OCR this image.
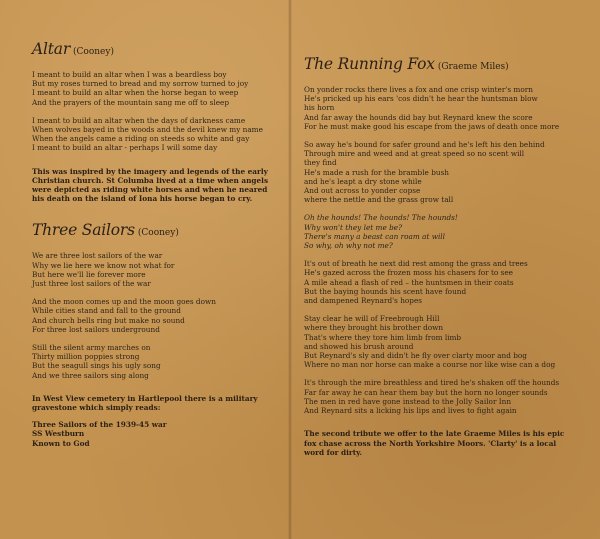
Altar (Cooney)
I meant to build an altar when I was a beardless boy
But my roses turned to bread and my sorrow turned to joy
I meant to build an altar when the horse began to weep
And the prayers of the mountain sang me off to sleep
I meant to build an altar when the days of darkness came
When wolves bayed in the woods and the devil knew my name
When the angels came a riding on steeds so white and gay
I meant to build an altar - perhaps I will some day
This was inspired by the imagery and legends of the early
Christian church. St Columba lived at a time when angels
were depicted as riding white horses and when he neared
his death on the island of Iona his horse began to cry.
Three Sailors (Cooney)
We are three lost sailors of the war
Why we lie here we know not what for
But here we'll lie forever more
Just three lost sailors of the war
And the moon comes up and the moon goes down
While cities stand and fall to the ground
And church bells ring but make no sound
For three lost sailors underground
Still the silent army marches on
Thirty million poppies strong
But the seagull sings his ugly song
And we three sailors sing along
In West View cemetery in Hartlepool there is a military
gravestone which simply reads:
Three Sailors of the 1939-45 war
SS Westburn
Known to God
The Running Fox (Graeme Miles)
On yonder rocks there lives a fox and one crisp winter's morn
He's pricked up his ears 'cos didn't he hear the huntsman blow
his horn
And far away the hounds did bay but Reynard knew the score
For he must make good his escape from the jaws of death once more
So away he's bound for safer ground and he's left his den behind
Through mire and weed and at great speed so no scent will
they find
He's made a rush for the bramble bush
and he's leapt a dry stone while
And out across to yonder copse
where the nettle and the grass grow tall
Oh the hounds! The hounds! The hounds!
Why won't they let me be?
There's many a beast can roam at will
So why, oh why not me?
It's out of breath he next did rest among the grass and trees
He's gazed across the frozen moss his chasers for to see
A mile ahead a flash of red – the huntsmen in their coats
But the baying hounds his scent have found
and dampened Reynard's hopes
Stay clear he will of Freebrough Hill
where they brought his brother down
That's where they tore him limb from limb
and showed his brush around
But Reynard's sly and didn't he fly over clarty moor and bog
Where no man nor horse can make a course nor like wise can a dog
It's through the mire breathless and tired he's shaken off the hounds
Far far away he can hear them bay but the horn no longer sounds
The men in red have gone instead to the Jolly Sailor Inn
And Reynard sits a licking his lips and lives to fight again
The second tribute we offer to the late Graeme Miles is his epic
fox chase across the North Yorkshire Moors. 'Clarty' is a local
word for dirty.
